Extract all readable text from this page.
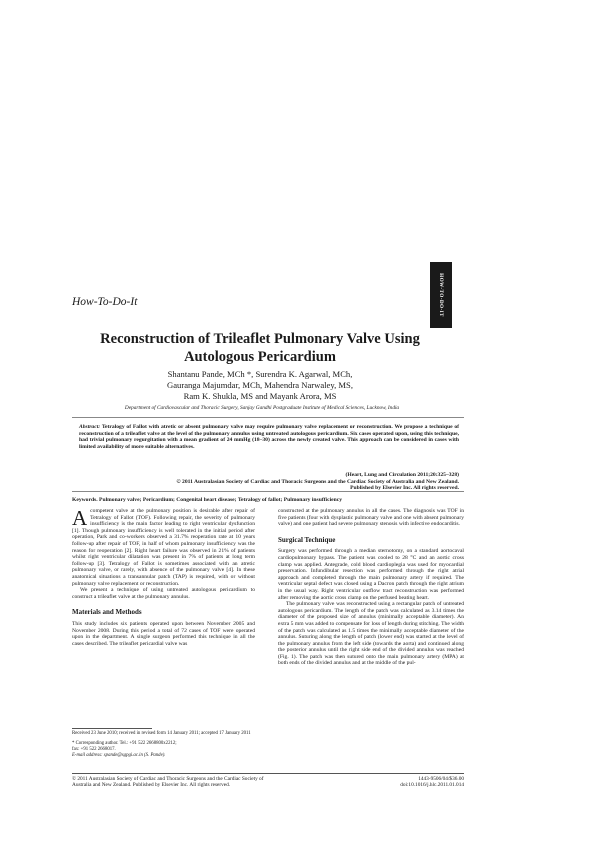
HOW-TO-DO-IT
How-To-Do-It
Reconstruction of Trileaflet Pulmonary Valve Using
Autologous Pericardium
Shantanu Pande, MCh *, Surendra K. Agarwal, MCh,
Gauranga Majumdar, MCh, Mahendra Narwaley, MS,
Ram K. Shukla, MS and Mayank Arora, MS
Department of Cardiovascular and Thoracic Surgery, Sanjay Gandhi Postgraduate Institute of Medical Sciences, Lucknow, India
Abstract: Tetralogy of Fallot with atretic or absent pulmonary valve may require pulmonary valve replacement or reconstruction. We propose a technique of reconstruction of a trileaflet valve at the level of the pulmonary annulus using untreated autologous pericardium. Six cases operated upon, using this technique, had trivial pulmonary regurgitation with a mean gradient of 24 mmHg (18–30) across the newly created valve. This approach can be considered in cases with limited availability of more suitable alternatives.
(Heart, Lung and Circulation 2011;20:325–328)
© 2011 Australasian Society of Cardiac and Thoracic Surgeons and the Cardiac Society of Australia and New Zealand.
Published by Elsevier Inc. All rights reserved.
Keywords. Pulmonary valve; Pericardium; Congenital heart disease; Tetralogy of fallot; Pulmonary insufficiency

Acompetent valve at the pulmonary position is desirable after repair of Tetralogy of Fallot (TOF). Following repair, the severity of pulmonary insufficiency is the main factor leading to right ventricular dysfunction [1]. Though pulmonary insufficiency is well tolerated in the initial period after operation, Park and co-workers observed a 31.7% reoperation rate at 10 years follow-up after repair of TOF, in half of whom pulmonary insufficiency was the reason for reoperation [2]. Right heart failure was observed in 21% of patients whilst right ventricular dilatation was present in 7% of patients at long term follow-up [3]. Tetralogy of Fallot is sometimes associated with an atretic pulmonary valve, or rarely, with absence of the pulmonary valve [4]. In these anatomical situations a transannular patch (TAP) is required, with or without pulmonary valve replacement or reconstruction.

We present a technique of using untreated autologous pericardium to construct a trileaflet valve at the pulmonary annulus.

Materials and Methods

This study includes six patients operated upon between November 2005 and November 2008. During this period a total of 72 cases of TOF were operated upon in the department. A single surgeon performed this technique in all the cases described. The trileaflet pericardial valve was

constructed at the pulmonary annulus in all the cases. The diagnosis was TOF in five patients (four with dysplastic pulmonary valve and one with absent pulmonary valve) and one patient had severe pulmonary stenosis with infective endocarditis.

Surgical Technique

Surgery was performed through a median sternotomy, on a standard aortocaval cardiopulmonary bypass. The patient was cooled to 28 °C and an aortic cross clamp was applied. Antegrade, cold blood cardioplegia was used for myocardial preservation. Infundibular resection was performed through the right atrial approach and completed through the main pulmonary artery if required. The ventricular septal defect was closed using a Dacron patch through the right atrium in the usual way. Right ventricular outflow tract reconstruction was performed after removing the aortic cross clamp on the perfused beating heart.

The pulmonary valve was reconstructed using a rectangular patch of untreated autologous pericardium. The length of the patch was calculated as 3.14 times the diameter of the proposed size of annulus (minimally acceptable diameter). An extra 5 mm was added to compensate for loss of length during stitching. The width of the patch was calculated as 1.5 times the minimally acceptable diameter of the annulus. Suturing along the length of patch (lower end) was started at the level of the pulmonary annulus from the left side (towards the aorta) and continued along the posterior annulus until the right side end of the divided annulus was reached (Fig. 1). The patch was then sutured onto the main pulmonary artery (MPA) at both ends of the divided annulus and at the middle of the pul-

Received 23 June 2010; received in revised form 14 January 2011; accepted 17 January 2011

* Corresponding author. Tel.: +91 522 2668800x2212;

fax: +91 522 2668017.

E-mail address: spande@sgpgi.ac.in (S. Pande).

© 2011 Australasian Society of Cardiac and Thoracic Surgeons and the Cardiac Society of
Australia and New Zealand. Published by Elsevier Inc. All rights reserved.
1443-9506/04/$36.00
doi:10.1016/j.hlc.2011.01.014
